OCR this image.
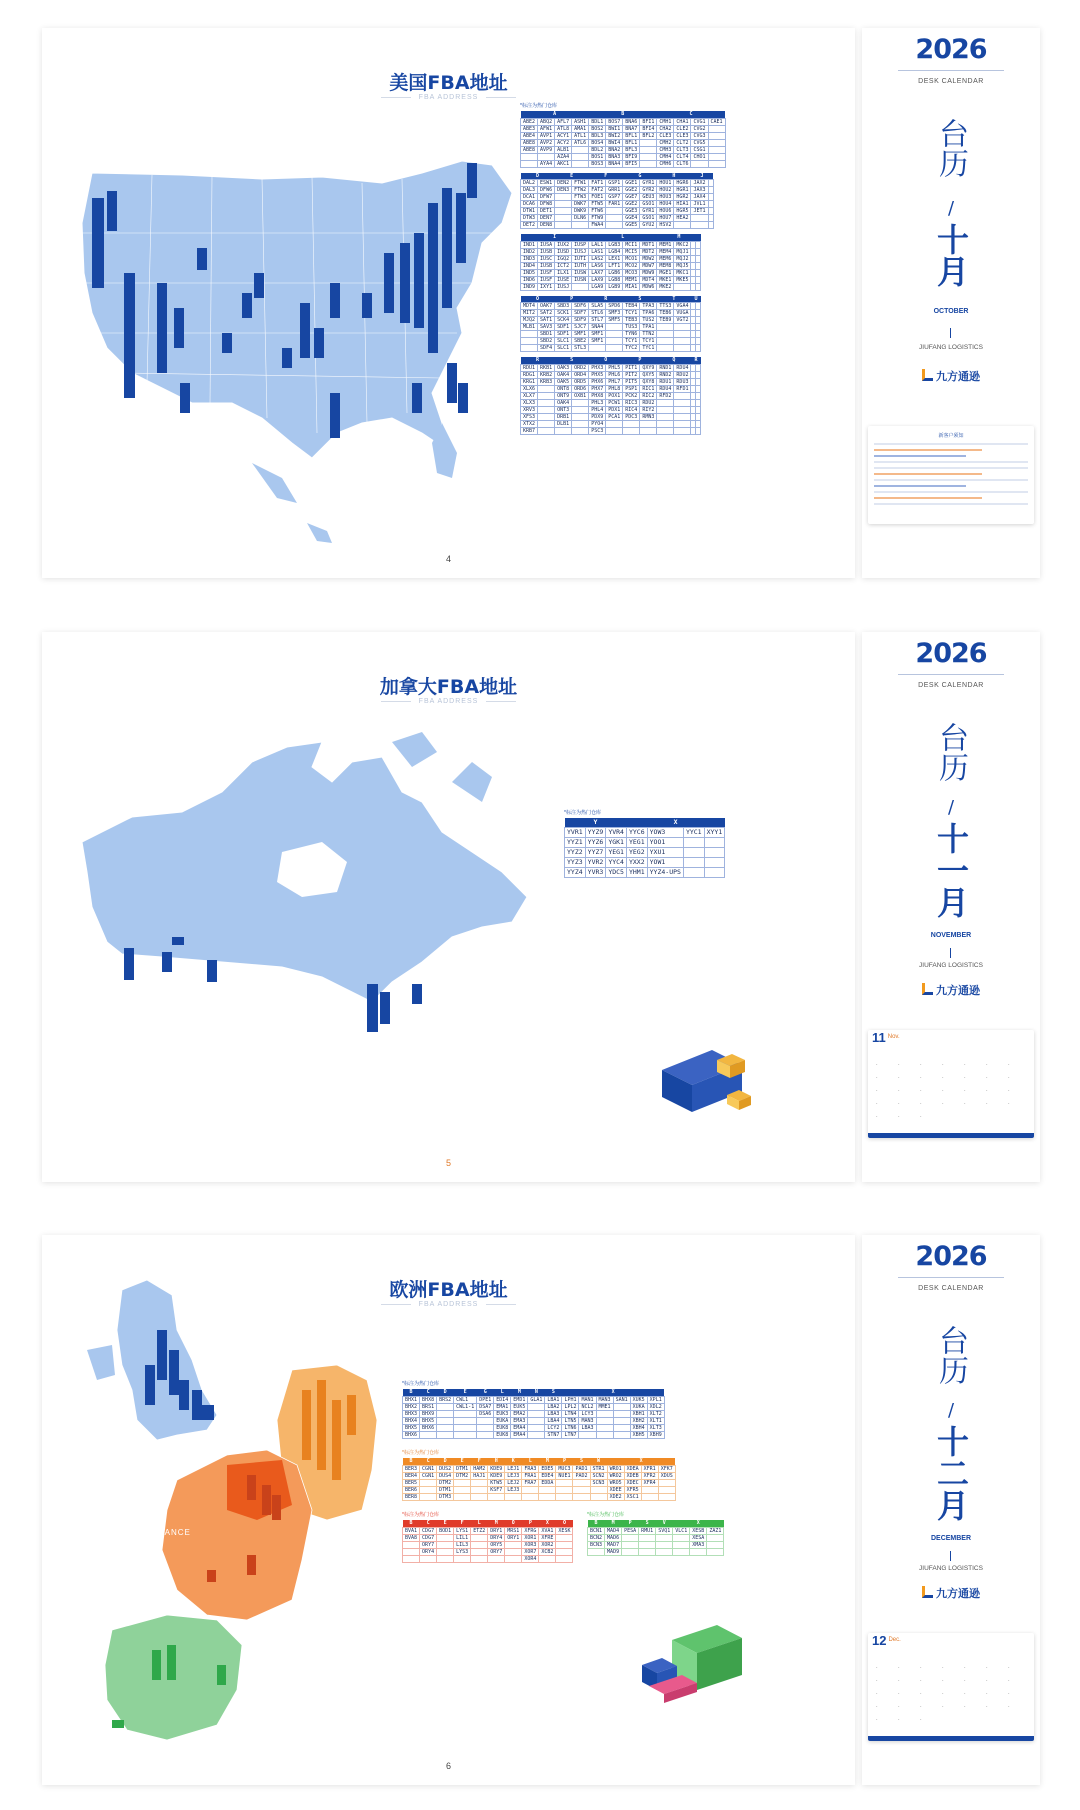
美国FBA地址
FBA ADDRESS
*标注为热门仓库
A				B				C			
ABE2	ABQ2	AFL7	ASH1	BDL1	BOS7	BNA6	BFI1	CMH1	CHA1	CVG1	CAE1
ABE3	AFW1	ATL8	AMA1	BOS2	BWI1	BNA7	BFI4	CHA2	CLE2	CVG2	
ABE4	AVP1	ACY1	ATL1	BDL3	BWI2	BFL1	BFL2	CLE3	CLE3	CVG3	
ABE8	AVP2	ACY2	ATL6	BOS4	BWI4	BFL1		CMH2	CLT2	CVG5	
ABE8	AVP9	ALB1		BDL2	BNA2	BFL3		CMH3	CLT3	CSG1	
		AZA4		BOS1	BNA3	BFI9		CMH4	CLT4	CHO1	
	AYA4	AKC1		BOS3	BNA4	BFI5		CMH6	CLT6		
D		E		F		G		H		J	
DAL2	ESW1	DEN2	FTW1	FAT1	GSP1	GGE1	GYR1	HOU1	HGR6	JAX2	
DAL3	DFW6	DEN3	FTW2	FAT2	GRR1	GGE2	GYR2	HOU2	HGR1	JAX3	
DCA1	DFW7		FTW3	FOE1	GSP7	GGE7	GEU3	HOU3	HGR2	JAX4	
DCA6	DFW8		DWK7	FTW5	FAR1	GGE2	GSO1	HOU4	HIA1	JVL1	
DTW1	DET1		DWK9	FTW6		GGE3	GYR1	HOU6	HGR5	JET1	
DTW3	DEN7		DLN6	FTW9		GGE4	GSO1	HOU7	HEA2		
DET2	DEN8			FWA4		GGE5	GYU2	HSV2			
I				L				M			
IND1	IUSA	IUX2	IUSP	LAL1	LGB3	MCI1	MDT1	MEM1	MKC2		
IND2	IUSB	IUSD	IUSJ	LAS1	LGB4	MCI5	MDT2	MEM4	MQJ1		
IND3	IUSC	IGQ2	IUTI	LAS2	LEX1	MCO1	MDW2	MEM6	MQJ2		
IND4	IUSB	ICT2	IUTH	LAS6	LFT1	MCO2	MDW7	MEM8	MQJ5		
IND5	IUSF	ILX1	IUSW	LAX7	LGB6	MCO3	MDW9	MGE1	MKC1		
IND6	IUSF	IUSE	IUSN	LAX9	LGB8	MEM1	MDT4	MKE1	MKE5		
IND9	IXY1	IUSJ		LGA9	LGB9	MIA1	MDW6	MKE2			
O		P		R		S		T		U	
MDT4	OAK7	SBD3	SDF6	SLA5	SPD6	TEB4	TPA3	TTS3	VGA4		
MIT2	SAT2	SCK1	SDF7	STL6	SMF3	TCY1	TPA6	TEB6	VUGA		
MJQ2	SAT1	SCK4	SDF9	STL7	SMF5	TEB3	TUS2	TEB9	VGT2		
MLB1	SAV3	SDF1	SJC7	SNA4		TUS3	TPA1				
	SBD1	SDF1	SMF1	SMF1		TYN6	TTN2				
	SBD2	SLC1	SBE2	SMF1		TCY1	TCY1				
	SDF4	SLC1	STL3			TYC2	TYC1				
R		S		O		P		Q		R	
RDU1	RKB1	OAK3	ORD2	PHX3	PHL5	PIT1	QXY9	RND1	RDU4		
RDG1	KRB2	OAK4	ORD4	PHX5	PHL6	PIT2	QXY5	RND2	RDU2		
KRG1	KRB3	OAK5	ORD5	PHX6	PHL7	PIT5	QXY8	RDU1	RDU3		
XLX6		ONT8	ORD6	PHX7	PHL8	PSP1	RIC1	RDU4	RFD1		
XLX7		ONT9	OXB1	PHX8	POX1	PCK2	RIC2	RFD2			
XLX3		OAK4		PHL3	PCW1	RIC3	RDU2				
XRV3		ONT3		PHL4	PDX1	RIC4	RIY2				
XFS3		DRB1		PDX9	PCA1	PDC3	RMN3				
XTX2		DLB1		PYO4							
KRB7				PSC3							
4
2026
DESK CALENDAR
台历
/
十月
OCTOBER
JIUFANG LOGISTICS
九方通逊
新客户须知
加拿大FBA地址
FBA ADDRESS
*标注为热门仓库
Y			X			
YVR1	YYZ9	YVR4	YYC6	YOW3	YYC1	XYY1
YYZ1	YYZ6	YGK1	YEG1	YOO1		
YYZ2	YYZ7	YEG1	YEG2	YXU1		
YYZ3	YVR2	YYC4	YXX2	YOW1		
YYZ4	YVR3	YDC5	YHM1	YYZ4-UPS		
5
2026
DESK CALENDAR
台历
/
十一月
NOVEMBER
JIUFANG LOGISTICS
九方通逊
11 Nov.
·	·	·	·	·	·	·
·	·	·	·	·	·	·
·	·	·	·	·	·	·
·	·	·	·	·	·	·
·	·	·
欧洲FBA地址
FBA ADDRESS
UK
GERMANY
FRANCE
SPAIN
*标注为热门仓库
B	C	D	E	G	L	M	N	S	X					
BHX1	BHX8	BRS2	CWL1	DPE1	EDI4	EMD1	GLA1	LBA1	LPH1	MAN1	MAN3	SAN1	XUK5	XPL1
BHX2	BRS1		CWL1-1	DSA7	EMA1	EUK5		LBA2	LPL2	NCL2	MME1		XUKA	XDL2
BHX3	BHX9			DSA6	EUK3	EMA2		LBA3	LTN4	LCY3			XBH1	XLT2
BHX4	BHX5				EUKA	EMA3		LBA4	LTN5	MAN3			XBH2	XLT1
BHX5	BHX6				EUK8	EMA4		LCY2	LTN6	LBA3			XBH4	XLT3
BHX6					EUK8	EMA4		STN7	LTN7				XBH5	XBH9
*标注为热门仓库
B	C	D	E	F	H	K	L	M	P	S	W	X			
BER3	CGN1	DUS2	DTM1	HAM2	KDE9	LEJ1	FRA3	EDE5	MUC3	PAD1	STR1	WRO1	XDEA	XFR1	XFK7
BER4	CGN1	DUS4	DTM2	HAJ1	KDE9	LEJ3	FRA1	EDE4	NUE1	PAD2	SCN2	WRO2	XDEB	XFR2	XDUS
BER5		DTM2			KTW5	LEJ2	FRA7	EDDA			SCN3	WRO5	XDEC	XFR4	
BER6		DTM1			KSF7	LEJ3						XDEE	XFR5		
BER8		DTM3										XDE2	XSC1		
*标注为热门仓库
B	C	E	F	L	M	O	P	X	O
BVA1	CDG7	BOD1	LYS1	ETZ2	DRY1	MRS1	XFRG	XVA1	XESK
BVA8	CDG7		LIL1		DRY4	ORY1	XOR1	XFRE	
	ORY7		LIL3		ORY5		XOR3	XOR2	
	ORY4		LYS3		ORY7		XOR7	XCB2	
							XOR4		
*标注为热门仓库
B	M	P	S	V	X		
BCN1	MAD4	PESA	RMU1	SVQ1	VLC1	XESB	ZAZ1
BCN2	MAD6					XESA	
BCN3	MAD7					XMA3	
	MAD9						
6
2026
DESK CALENDAR
台历
/
十二月
DECEMBER
JIUFANG LOGISTICS
九方通逊
12 Dec.
·	·	·	·	·	·	·
·	·	·	·	·	·	·
·	·	·	·	·	·	·
·	·	·	·	·	·	·
·	·	·
